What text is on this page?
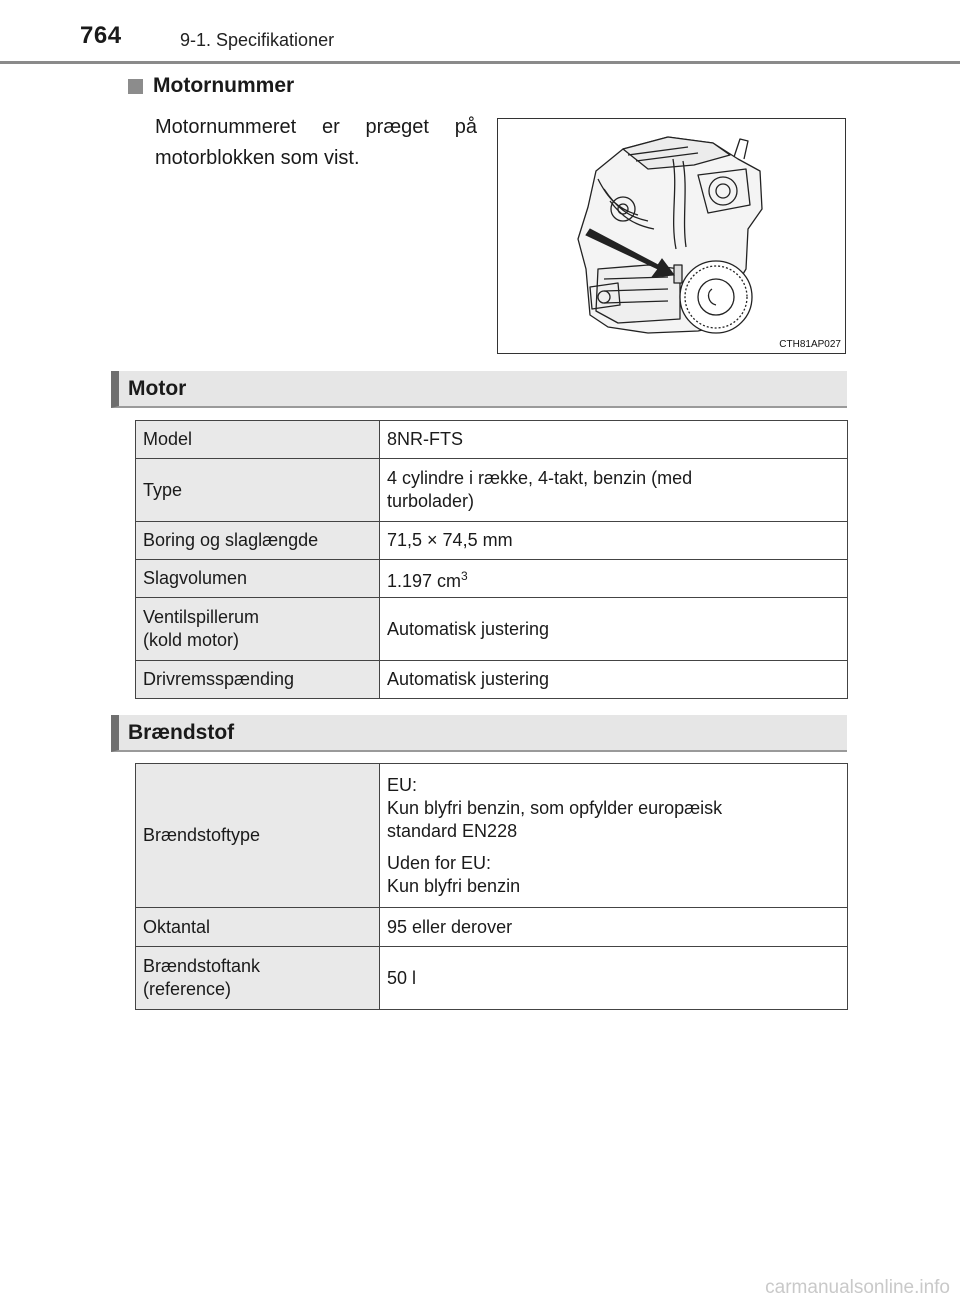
764	9-1. Specifikationer
Motornummer
Motornummeret er præget på motorblokken som vist.
CTH81AP027
Motor
Model	8NR-FTS
Type	4 cylindre i række, 4-takt, benzin (med
turbolader)

Boring og slaglængde	71,5 × 74,5 mm
Slagvolumen	1.197 $cm^3$

Ventilspillerum
(kold motor)	Automatisk justering
Drivremsspænding	Automatisk justering
Brændstof
Brændstoftype	EU:
Kun blyfri benzin, som opfylder europæisk
standard EN228
Uden for EU:
Kun blyfri benzin

Oktantal	95 eller derover

Brændstoftank
(reference)	50 l
carmanualsonline.info
